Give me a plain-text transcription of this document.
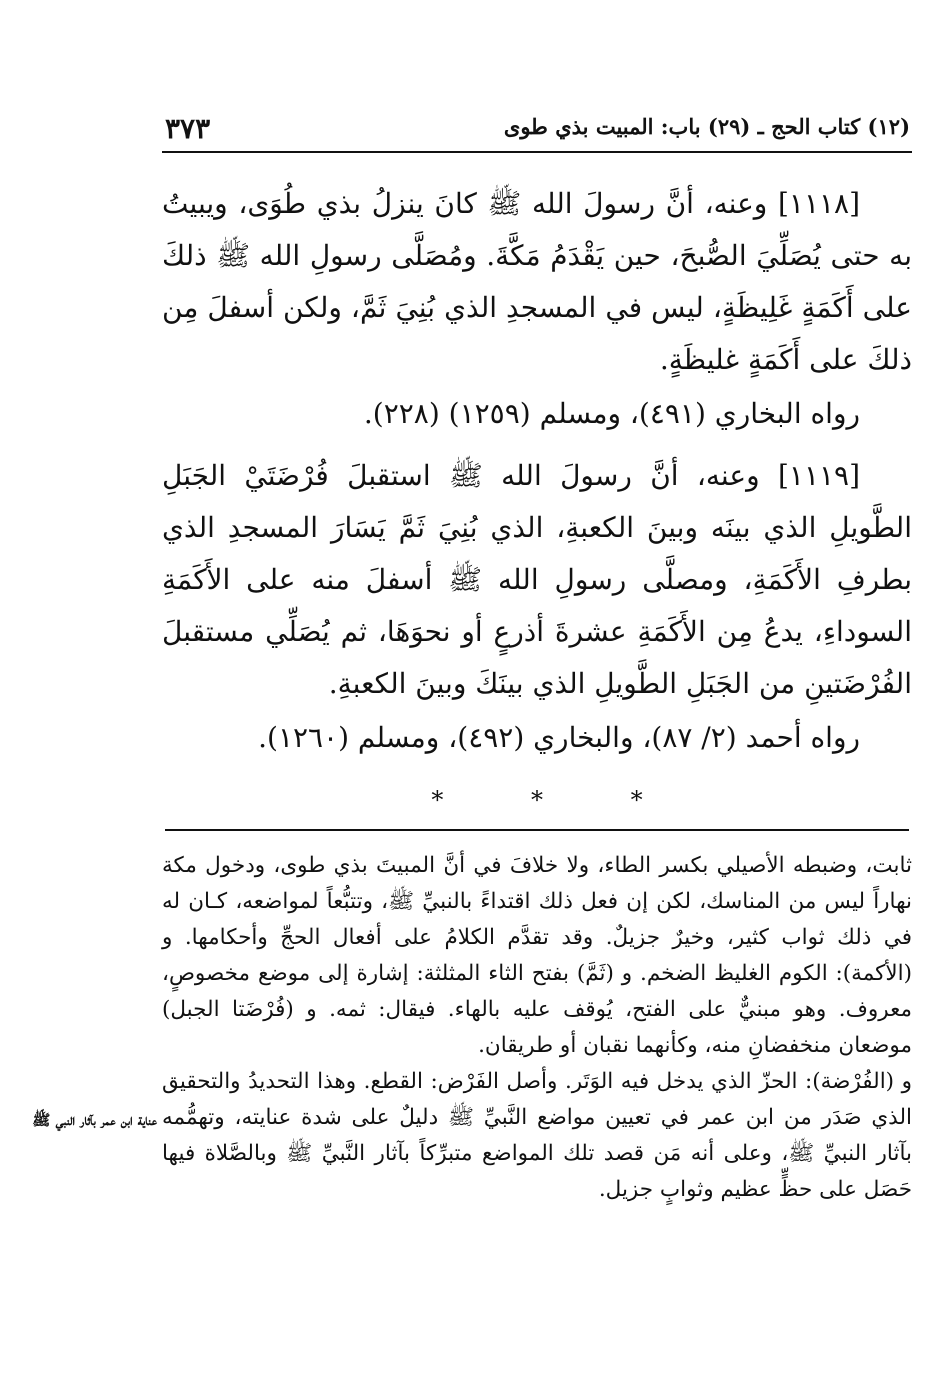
(١٢) كتاب الحج ـ (٢٩) باب: المبيت بذي طوى
٣٧٣

[١١١٨] وعنه، أنَّ رسولَ الله ﷺ كانَ ينزلُ بذي طُوَى، ويبيتُ به حتى يُصَلِّيَ الصُّبحَ، حين يَقْدَمُ مَكَّةَ. ومُصَلَّى رسولِ الله ﷺ ذلكَ على أَكَمَةٍ غَلِيظَةٍ، ليس في المسجدِ الذي بُنِيَ ثَمَّ، ولكن أسفلَ مِن ذلكَ على أَكَمَةٍ غليظَةٍ.

رواه البخاري (٤٩١)، ومسلم (١٢٥٩) (٢٢٨).

[١١١٩] وعنه، أنَّ رسولَ الله ﷺ استقبلَ فُرْضَتَيْ الجَبَلِ الطَّويلِ الذي بينَه وبينَ الكعبةِ، الذي بُنِيَ ثَمَّ يَسَارَ المسجدِ الذي بطرفِ الأَكَمَةِ، ومصلَّى رسولِ الله ﷺ أسفلَ منه على الأَكَمَةِ السوداءِ، يدعُ مِن الأَكَمَةِ عشرةَ أذرعٍ أو نحوَهَا، ثم يُصَلِّي مستقبلَ الفُرْضَتينِ من الجَبَلِ الطَّويلِ الذي بينَكَ وبينَ الكعبةِ.

رواه أحمد (٢/ ٨٧)، والبخاري (٤٩٢)، ومسلم (١٢٦٠).

* * *

ثابت، وضبطه الأصيلي بكسر الطاء، ولا خلافَ في أنَّ المبيتَ بذي طوى، ودخول مكة نهاراً ليس من المناسك، لكن إن فعل ذلك اقتداءً بالنبيِّ ﷺ، وتتبُّعاً لمواضعه، كـان له في ذلك ثواب كثير، وخيرٌ جزيلٌ. وقد تقدَّم الكلامُ على أفعال الحجِّ وأحكامها. و (الأكمة): الكوم الغليظ الضخم. و (ثَمَّ) بفتح الثاء المثلثة: إشارة إلى موضع مخصوصٍ، معروف. وهو مبنيٌّ على الفتح، يُوقف عليه بالهاء. فيقال: ثمه. و (فُرْضَتا الجبل) موضعان منخفضانِ منه، وكأنهما نقبان أو طريقان.

و (الفُرْضة): الحزّ الذي يدخل فيه الوَتَر. وأصل الفَرْض: القطع. وهذا التحديدُ والتحقيق الذي صَدَر من ابن عمر في تعيين مواضع النَّبيِّ ﷺ دليلٌ على شدة عنايته، وتهمُّمه بآثار النبيِّ ﷺ، وعلى أنه مَن قصد تلك المواضع متبرِّكاً بآثار النَّبيِّ ﷺ وبالصَّلاة فيها حَصَل على حظٍّ عظيم وثوابٍ جزيل.

عناية ابن عمر بآثار النبي ﷺ
